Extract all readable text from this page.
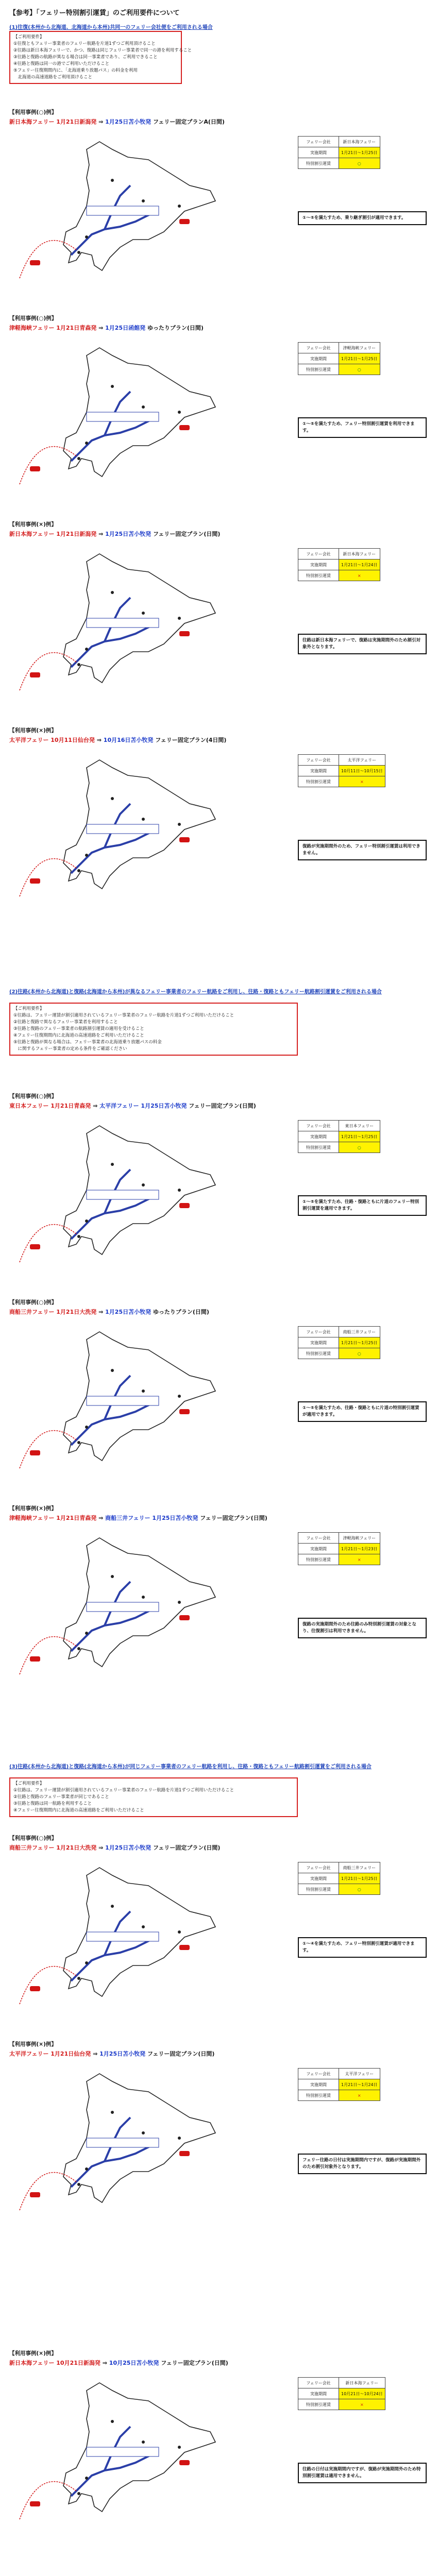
【参考】「フェリー特別割引運賃」のご利用要件について
(1)往復(本州から北海道、北海道から本州)共同一のフェリー会社便をご利用される場合
【ご利用要件】
①往復ともフェリー事業者のフェリー航路を片道1ずつご利用頂けること
②往路は新日本海フェリーで、かつ、復路は同じフェリー事業者で同一の港を利用すること
③往路と復路の航路が異なる場合は同一事業者であり、ご利用できること
④往路と復路は同一の港でご利用いただけること
⑤フェリー往復期間内に、「北海道乗り放題パス」の料金を利用
　北海道の高速道路をご利用頂けること
(2)往路(本州から北海道)と復路(北海道から本州)が異なるフェリー事業者のフェリー航路をご利用し、往路・復路ともフェリー航路割引運賃をご利用される場合
【ご利用要件】
①往路は、フェリー運賃が割引適用されているフェリー事業者のフェリー航路を片道1ずつご利用いただけること
②往路と復路で異なるフェリー事業者を利用すること
③往路と復路のフェリー事業者の航路割引運賃の適用を受けること
④フェリー往復期間内に北海道の高速道路をご利用いただけること
⑤往路と復路が異なる場合は、フェリー事業者の北海道乗り放題パスの料金
　に関するフェリー事業者の定める条件をご確認ください
(3)往路(本州から北海道)と復路(北海道から本州)が同じフェリー事業者のフェリー航路を利用し、往路・復路ともフェリー航路割引運賃をご利用される場合
【ご利用要件】
①往路は、フェリー運賃が割引適用されているフェリー事業者のフェリー航路を片道1ずつご利用いただけること
②往路と復路のフェリー事業者が同じであること
③往路と復路は同一航路を利用すること
④フェリー往復期間内に北海道の高速道路をご利用いただけること
【利用事例(○)例】
新日本海フェリー 1月21日新潟発 ⇒ 1月25日苫小牧発 フェリー固定プランA(日間)
フェリー会社	新日本海フェリー
実施期間	1月21日〜1月25日
特別割引運賃	○
①〜⑤を満たすため、乗り継ぎ割引が適用できます。
【利用事例(○)例】
津軽海峡フェリー 1月21日青森発 ⇒ 1月25日函館発 ゆったりプラン(日間)
フェリー会社	津軽海峡フェリー
実施期間	1月21日〜1月25日
特別割引運賃	○
①〜⑤を満たすため、フェリー特別割引運賃を利用できます。
【利用事例(×)例】
新日本海フェリー 1月21日新潟発 ⇒ 1月25日苫小牧発 フェリー固定プラン(日間)
フェリー会社	新日本海フェリー
実施期間	1月21日〜1月24日
特別割引運賃	×
往路は新日本海フェリーで、復路は実施期間外のため割引対象外となります。
【利用事例(×)例】
太平洋フェリー 10月11日仙台発 ⇒ 10月16日苫小牧発 フェリー固定プラン(4日間)
フェリー会社	太平洋フェリー
実施期間	10月11日〜10月15日
特別割引運賃	×
復路が実施期間外のため、フェリー特別割引運賃は利用できません。
【利用事例(○)例】
東日本フェリー 1月21日青森発 ⇒ 太平洋フェリー 1月25日苫小牧発 フェリー固定プラン(日間)
フェリー会社	東日本フェリー
実施期間	1月21日〜1月25日
特別割引運賃	○
①〜⑤を満たすため、往路・復路ともに片道のフェリー特別割引運賃を適用できます。
【利用事例(○)例】
商船三井フェリー 1月21日大洗発 ⇒ 1月25日苫小牧発 ゆったりプラン(日間)
フェリー会社	商船三井フェリー
実施期間	1月21日〜1月25日
特別割引運賃	○
①〜⑤を満たすため、往路・復路ともに片道の特別割引運賃が適用できます。
【利用事例(×)例】
津軽海峡フェリー 1月21日青森発 ⇒ 商船三井フェリー 1月25日苫小牧発 フェリー固定プラン(日間)
フェリー会社	津軽海峡フェリー
実施期間	1月21日〜1月23日
特別割引運賃	×
復路の実施期間外のため往路のみ特別割引運賃の対象となり、往復割引は利用できません。
【利用事例(○)例】
商船三井フェリー 1月21日大洗発 ⇒ 1月25日苫小牧発 フェリー固定プラン(日間)
フェリー会社	商船三井フェリー
実施期間	1月21日〜1月25日
特別割引運賃	○
①〜④を満たすため、フェリー特別割引運賃が適用できます。
【利用事例(×)例】
太平洋フェリー 1月21日仙台発 ⇒ 1月25日苫小牧発 フェリー固定プラン(日間)
フェリー会社	太平洋フェリー
実施期間	1月21日〜1月24日
特別割引運賃	×
フェリー往路の日付は実施期間内ですが、復路が実施期間外のため割引対象外となります。
【利用事例(×)例】
新日本海フェリー 10月21日新潟発 ⇒ 10月25日苫小牧発 フェリー固定プラン(日間)
フェリー会社	新日本海フェリー
実施期間	10月21日〜10月24日
特別割引運賃	×
往路の日付は実施期間内ですが、復路が実施期間外のため特別割引運賃は適用できません。
